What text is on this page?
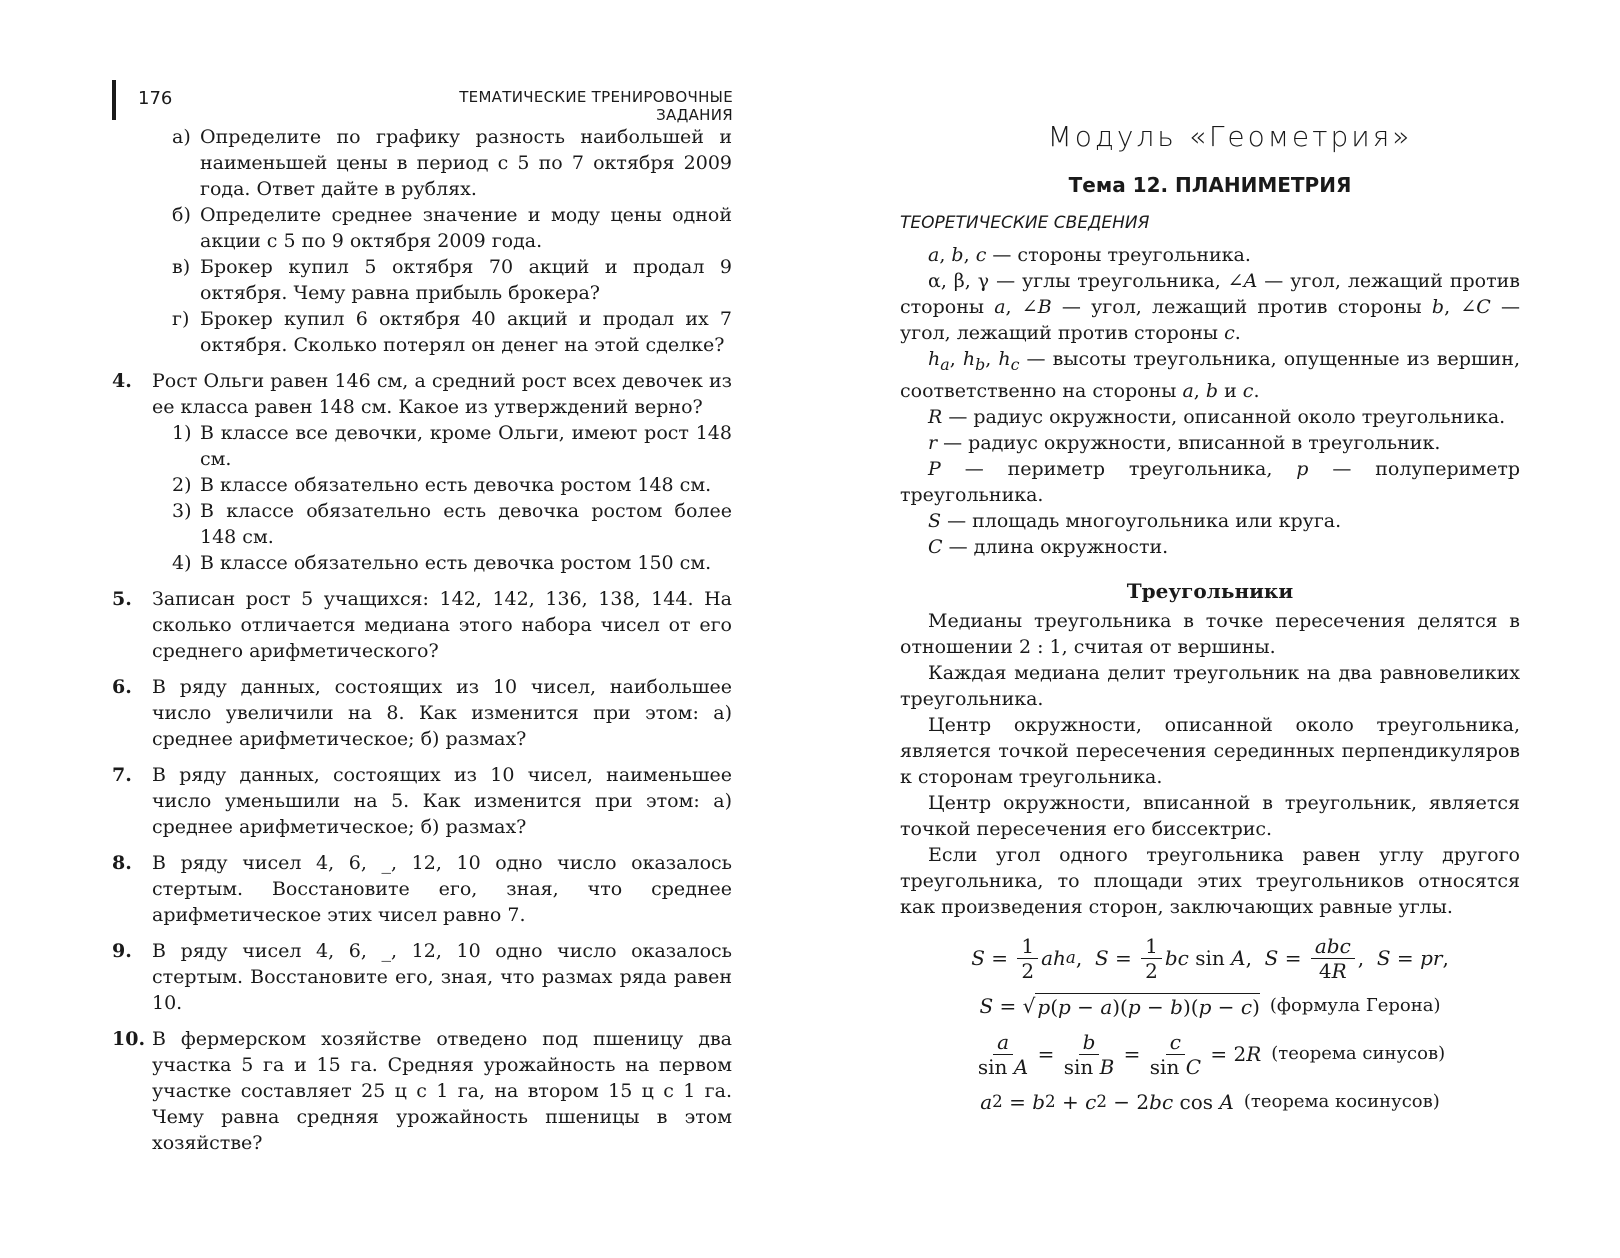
176	ТЕМАТИЧЕСКИЕ ТРЕНИРОВОЧНЫЕ ЗАДАНИЯ
а) Определите по графику разность наибольшей и наименьшей цены в период с 5 по 7 октября 2009 года. Ответ дайте в рублях.
б) Определите среднее значение и моду цены одной акции с 5 по 9 октября 2009 года.
в) Брокер купил 5 октября 70 акций и продал 9 октября. Чему равна прибыль брокера?
г) Брокер купил 6 октября 40 акций и продал их 7 октября. Сколько потерял он денег на этой сделке?
4.	Рост Ольги равен 146 см, а средний рост всех девочек из ее класса равен 148 см. Какое из утверждений верно?
1) В классе все девочки, кроме Ольги, имеют рост 148 см.
2) В классе обязательно есть девочка ростом 148 см.
3) В классе обязательно есть девочка ростом более 148 см.
4) В классе обязательно есть девочка ростом 150 см.
5.	Записан рост 5 учащихся: 142, 142, 136, 138, 144. На сколько отличается медиана этого набора чисел от его среднего арифметического?
6.	В ряду данных, состоящих из 10 чисел, наибольшее число увеличили на 8. Как изменится при этом: а) среднее арифметическое; б) размах?
7.	В ряду данных, состоящих из 10 чисел, наименьшее число уменьшили на 5. Как изменится при этом: а) среднее арифметическое; б) размах?
8.	В ряду чисел 4, 6, _, 12, 10 одно число оказалось стертым. Восстановите его, зная, что среднее арифметическое этих чисел равно 7.
9.	В ряду чисел 4, 6, _, 12, 10 одно число оказалось стертым. Восстановите его, зная, что размах ряда равен 10.
10. В фермерском хозяйстве отведено под пшеницу два участка 5 га и 15 га. Средняя урожайность на первом участке составляет 25 ц с 1 га, на втором 15 ц с 1 га. Чему равна средняя урожайность пшеницы в этом хозяйстве?
Модуль «Геометрия»
Тема 12. ПЛАНИМЕТРИЯ
ТЕОРЕТИЧЕСКИЕ СВЕДЕНИЯ
a, b, c — стороны треугольника.
α, β, γ — углы треугольника, ∠A — угол, лежащий против стороны a, ∠B — угол, лежащий против стороны b, ∠C — угол, лежащий против стороны c.
$h_a$, $h_b$, $h_c$ — высоты треугольника, опущенные из вершин, соответственно на стороны a, b и c.
R — радиус окружности, описанной около треугольника.
r — радиус окружности, вписанной в треугольник.
P — периметр треугольника, p — полупериметр треугольника.
S — площадь многоугольника или круга.
C — длина окружности.
Треугольники
Медианы треугольника в точке пересечения делятся в отношении 2 : 1, считая от вершины.
Каждая медиана делит треугольник на два равновеликих треугольника.
Центр окружности, описанной около треугольника, является точкой пересечения серединных перпендикуляров к сторонам треугольника.
Центр окружности, вписанной в треугольник, является точкой пересечения его биссектрис.
Если угол одного треугольника равен углу другого треугольника, то площади этих треугольников относятся как произведения сторон, заключающих равные углы.
$S = \frac{1}{2}$ ah a , $S = \frac{1}{2}$ bc sin A , $S = \frac{\text{abc}}{4R}$ , S = pr ,
S = √ p(p − a)(p − b)(p − c) (формула Герона)
$\frac{a}{\text{sin A}} = \frac{b}{\text{sin B}} = \frac{c}{\text{sin C}} = 2$ R (теорема синусов)
a 2 = b 2 + c 2 − 2 bc cos A (теорема косинусов)
